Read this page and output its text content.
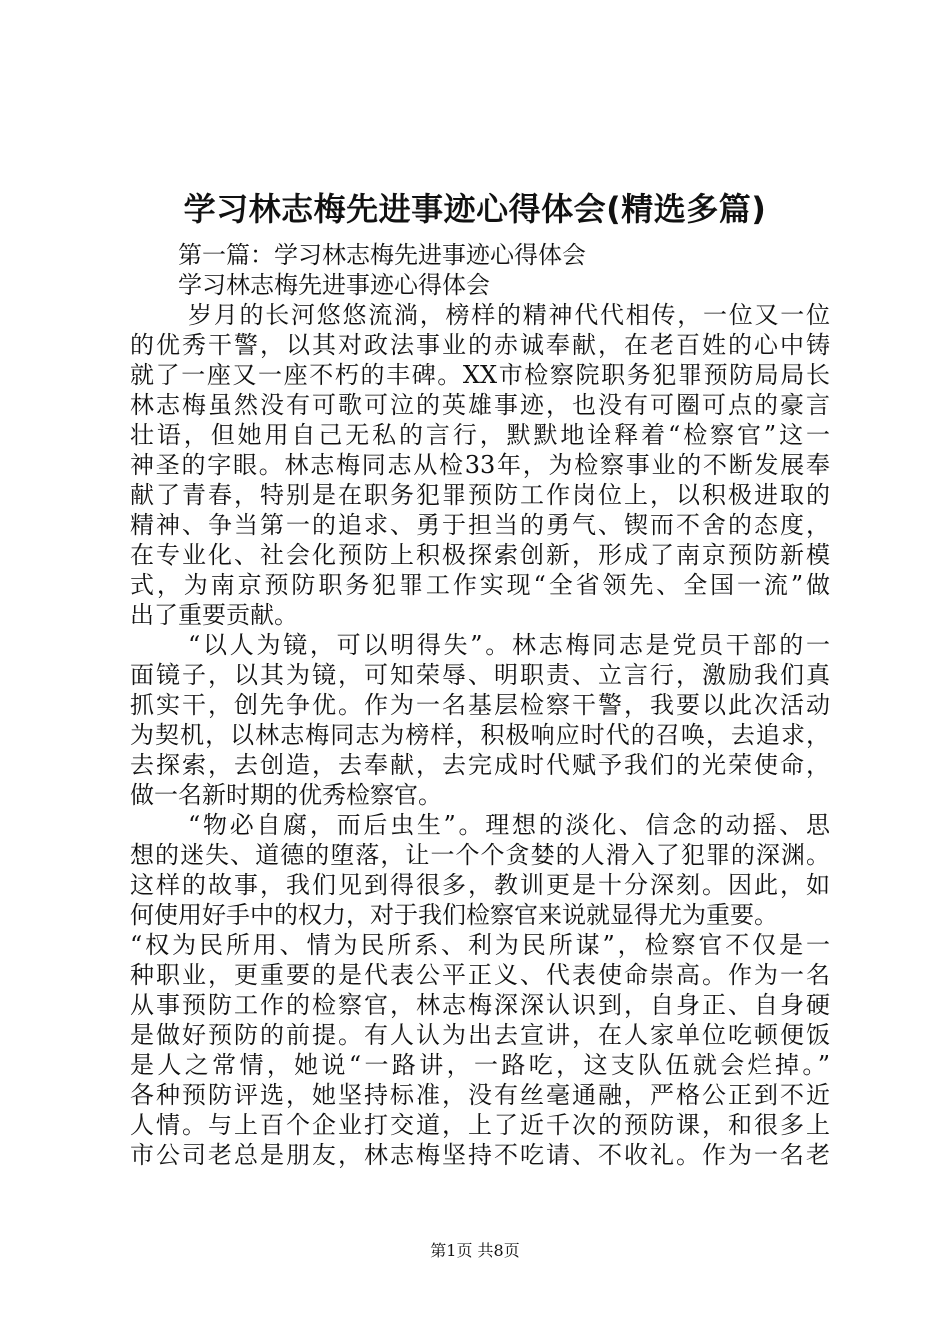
学习林志梅先进事迹心得体会(精选多篇)
第一篇：学习林志梅先进事迹心得体会
学习林志梅先进事迹心得体会
岁月的长河悠悠流淌，榜样的精神代代相传，一位又一位
的优秀干警，以其对政法事业的赤诚奉献，在老百姓的心中铸
就了一座又一座不朽的丰碑。XX市检察院职务犯罪预防局局长
林志梅虽然没有可歌可泣的英雄事迹，也没有可圈可点的豪言
壮语，但她用自己无私的言行，默默地诠释着“检察官”这一
神圣的字眼。林志梅同志从检33年，为检察事业的不断发展奉
献了青春，特别是在职务犯罪预防工作岗位上，以积极进取的
精神、争当第一的追求、勇于担当的勇气、锲而不舍的态度，
在专业化、社会化预防上积极探索创新，形成了南京预防新模
式，为南京预防职务犯罪工作实现“全省领先、全国一流”做
出了重要贡献。
“以人为镜，可以明得失”。林志梅同志是党员干部的一
面镜子，以其为镜，可知荣辱、明职责、立言行，激励我们真
抓实干，创先争优。作为一名基层检察干警，我要以此次活动
为契机，以林志梅同志为榜样，积极响应时代的召唤，去追求，
去探索，去创造，去奉献，去完成时代赋予我们的光荣使命，
做一名新时期的优秀检察官。
“物必自腐，而后虫生”。理想的淡化、信念的动摇、思
想的迷失、道德的堕落，让一个个贪婪的人滑入了犯罪的深渊。
这样的故事，我们见到得很多，教训更是十分深刻。因此，如
何使用好手中的权力，对于我们检察官来说就显得尤为重要。
“权为民所用、情为民所系、利为民所谋”，检察官不仅是一
种职业，更重要的是代表公平正义、代表使命崇高。作为一名
从事预防工作的检察官，林志梅深深认识到，自身正、自身硬
是做好预防的前提。有人认为出去宣讲，在人家单位吃顿便饭
是人之常情，她说“一路讲，一路吃，这支队伍就会烂掉。”
各种预防评选，她坚持标准，没有丝毫通融，严格公正到不近
人情。与上百个企业打交道，上了近千次的预防课，和很多上
市公司老总是朋友，林志梅坚持不吃请、不收礼。作为一名老
第1页 共8页
